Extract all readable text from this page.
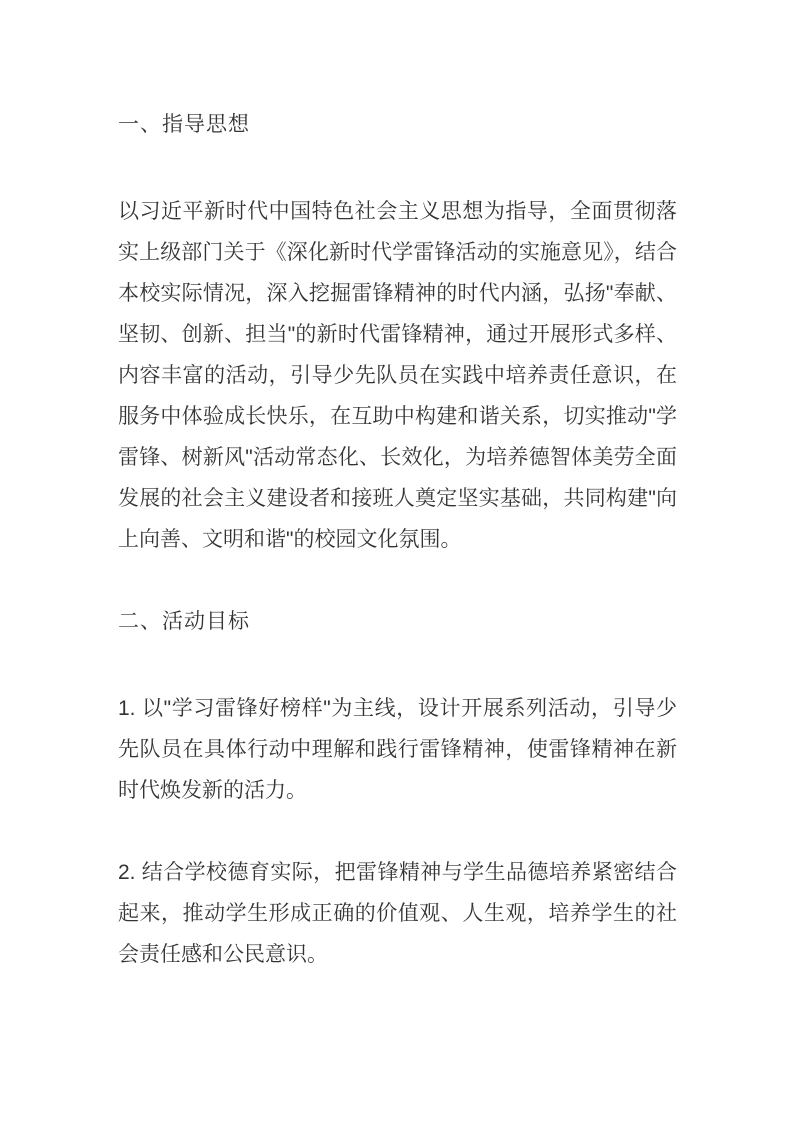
一、指导思想

以习近平新时代中国特色社会主义思想为指导，全面贯彻落实上级部门关于《深化新时代学雷锋活动的实施意见》，结合本校实际情况，深入挖掘雷锋精神的时代内涵，弘扬"奉献、坚韧、创新、担当"的新时代雷锋精神，通过开展形式多样、内容丰富的活动，引导少先队员在实践中培养责任意识，在服务中体验成长快乐，在互助中构建和谐关系，切实推动"学雷锋、树新风"活动常态化、长效化，为培养德智体美劳全面发展的社会主义建设者和接班人奠定坚实基础，共同构建"向上向善、文明和谐"的校园文化氛围。

二、活动目标

1. 以"学习雷锋好榜样"为主线，设计开展系列活动，引导少先队员在具体行动中理解和践行雷锋精神，使雷锋精神在新时代焕发新的活力。

2. 结合学校德育实际，把雷锋精神与学生品德培养紧密结合起来，推动学生形成正确的价值观、人生观，培养学生的社会责任感和公民意识。
